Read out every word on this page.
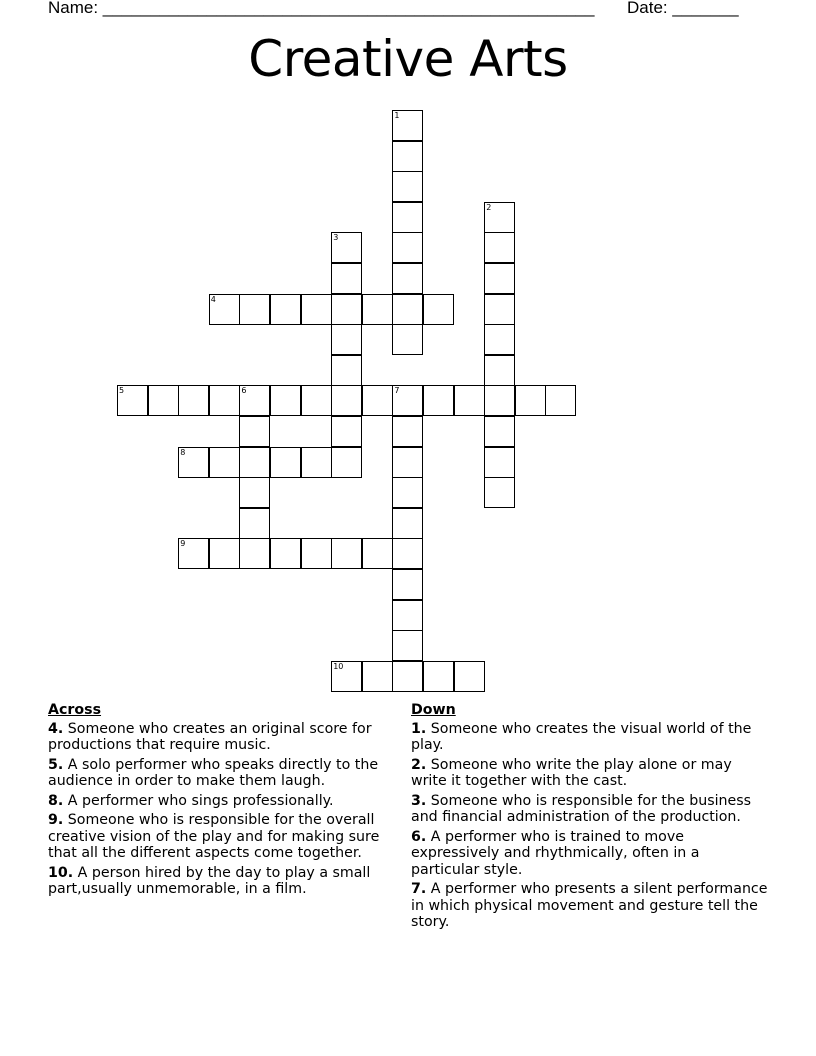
Name: ____________________________________________________ Date: _______
Creative Arts
1
2
3
4
5	6	7
8
9
10
Across
4. Someone who creates an original score for productions that require music.
5. A solo performer who speaks directly to the audience in order to make them laugh.
8. A performer who sings professionally.
9. Someone who is responsible for the overall creative vision of the play and for making sure that all the different aspects come together.
10. A person hired by the day to play a small part,usually unmemorable, in a film.
Down
1. Someone who creates the visual world of the play.
2. Someone who write the play alone or may write it together with the cast.
3. Someone who is responsible for the business and financial administration of the production.
6. A performer who is trained to move expressively and rhythmically, often in a particular style.
7. A performer who presents a silent performance in which physical movement and gesture tell the story.
